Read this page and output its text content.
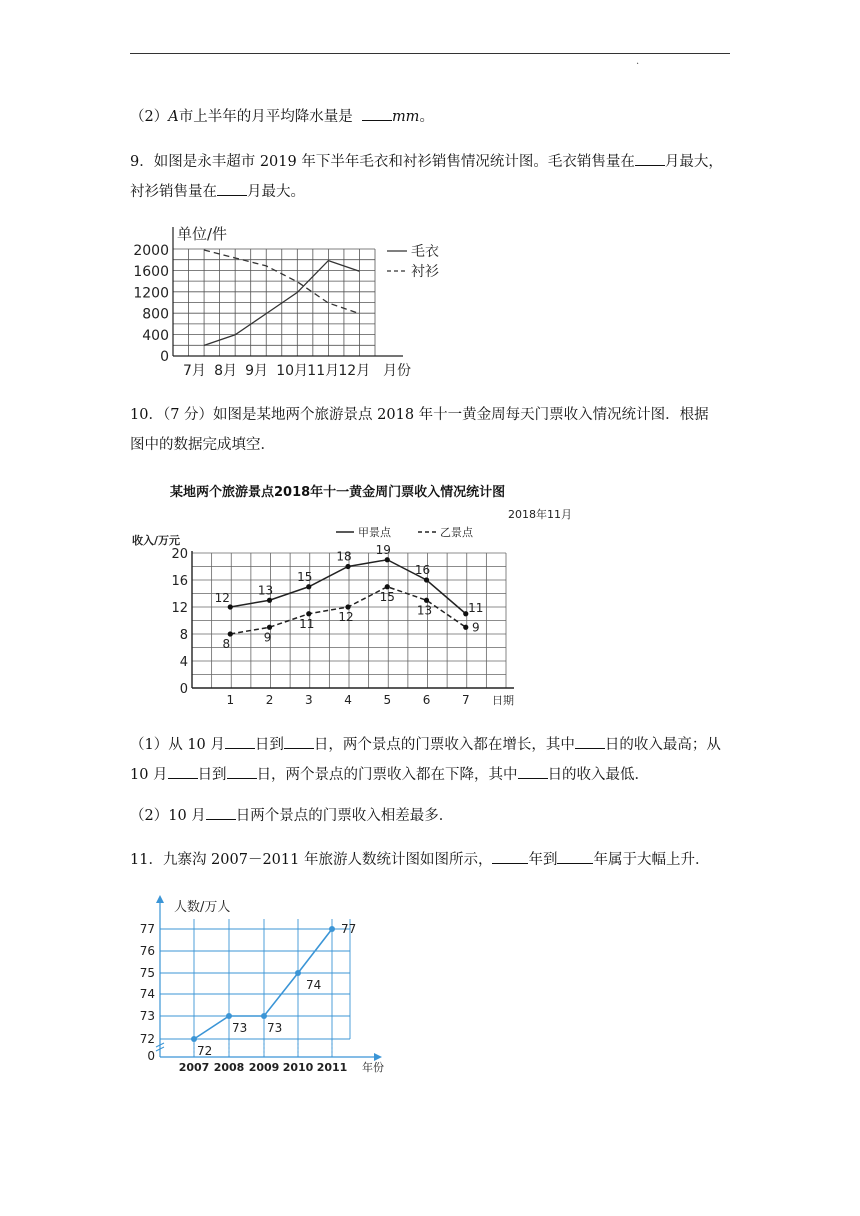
.
（2）A市上半年的月平均降水量是	mm。
9．如图是永丰超市 2019 年下半年毛衣和衬衫销售情况统计图。毛衣销售量在 月最大，
衬衫销售量在 月最大。
单位/件
2000
1600
1200
800
400
0
7月 8月 9月 10月 11月 12月 月份
毛衣
衬衫
10．（7 分）如图是某地两个旅游景点 2018 年十一黄金周每天门票收入情况统计图．根据
图中的数据完成填空．
某地两个旅游景点2018年十一黄金周门票收入情况统计图
2018年11月
收入/万元
20
16
12
8
4
0
1	2	3	4	5	6	7 日期
甲景点	乙景点
12
13
15
18 19
16
11
8	9
11 12
15
13
9
（1）从 10 月 日到 日，两个景点的门票收入都在增长，其中 日的收入最高；从
10 月 日到 日，两个景点的门票收入都在下降，其中 日的收入最低．
（2）10 月 日两个景点的门票收入相差最多．
11．九寨沟 2007－2011 年旅游人数统计图如图所示， 年到 年属于大幅上升．
人数/万人
77
76
75
74
73
72
0
2007 2008 2009 2010 2011 年份
72
73 73
74
77
